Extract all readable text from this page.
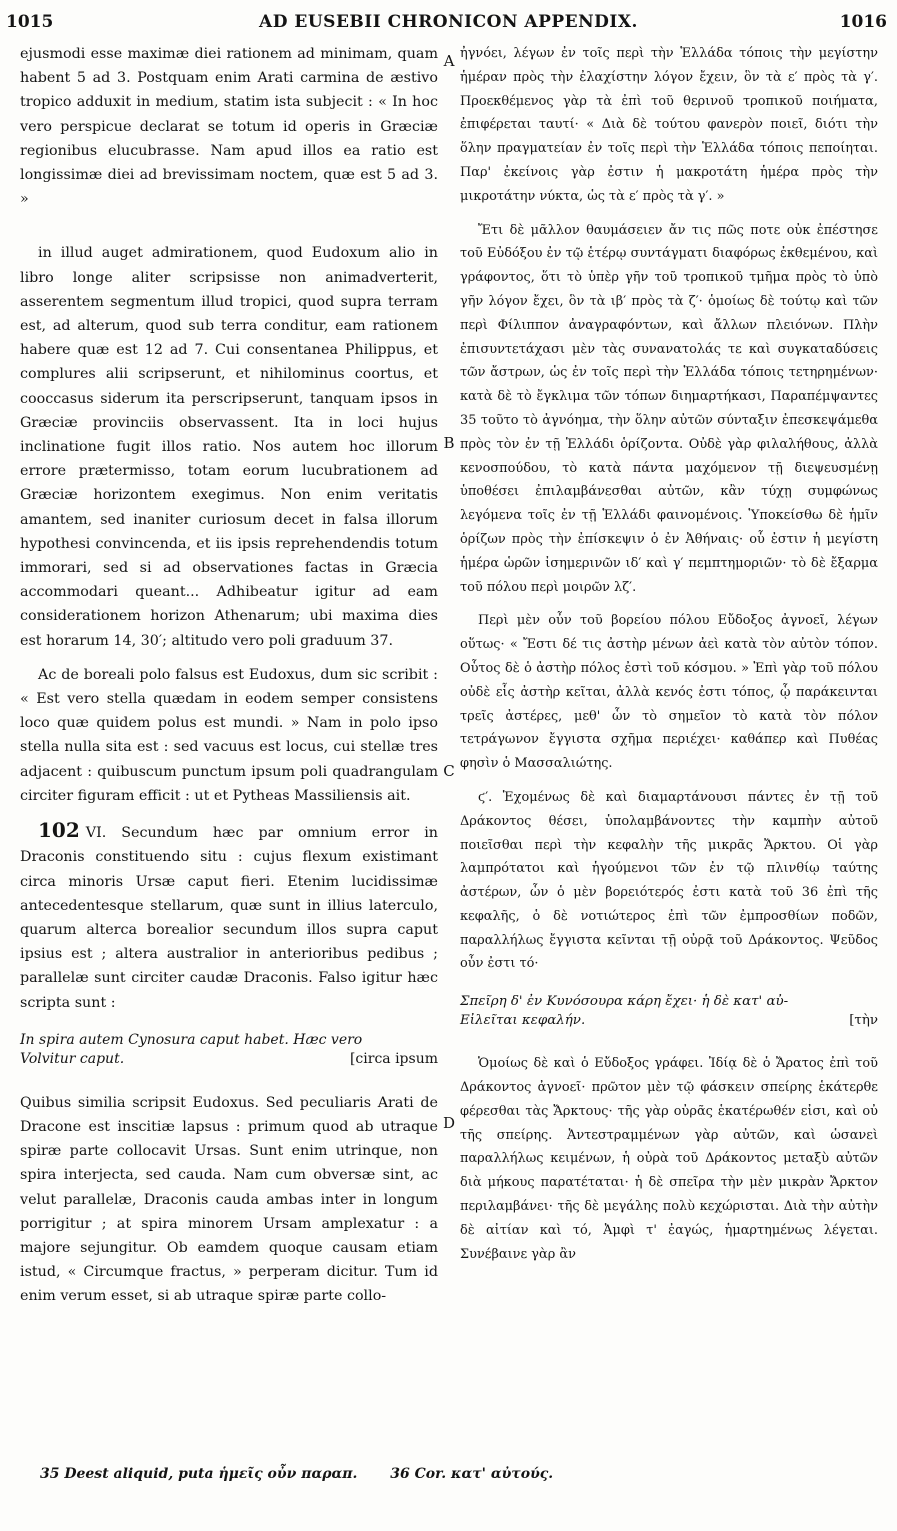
1015	AD EUSEBII CHRONICON APPENDIX.	1016
A
B
C
D

ejusmodi esse maximæ diei rationem ad minimam, quam habent 5 ad 3. Postquam enim Arati carmina de æstivo tropico adduxit in medium, statim ista subjecit : « In hoc vero perspicue declarat se totum id operis in Græciæ regionibus elucubrasse. Nam apud illos ea ratio est longissimæ diei ad brevissimam noctem, quæ est 5 ad 3. »

in illud auget admirationem, quod Eudoxum alio in libro longe aliter scripsisse non animadverterit, asserentem segmentum illud tropici, quod supra terram est, ad alterum, quod sub terra conditur, eam rationem habere quæ est 12 ad 7. Cui consentanea Philippus, et complures alii scripserunt, et nihilominus coortus, et cooccasus siderum ita perscripserunt, tanquam ipsos in Græciæ provinciis observassent. Ita in loci hujus inclinatione fugit illos ratio. Nos autem hoc illorum errore prætermisso, totam eorum lucubrationem ad Græciæ horizontem exegimus. Non enim veritatis amantem, sed inaniter curiosum decet in falsa illorum hypothesi convincenda, et iis ipsis reprehendendis totum immorari, sed si ad observationes factas in Græcia accommodari queant... Adhibeatur igitur ad eam considerationem horizon Athenarum; ubi maxima dies est horarum 14, 30′; altitudo vero poli graduum 37.

Ac de boreali polo falsus est Eudoxus, dum sic scribit : « Est vero stella quædam in eodem semper consistens loco quæ quidem polus est mundi. » Nam in polo ipso stella nulla sita est : sed vacuus est locus, cui stellæ tres adjacent : quibuscum punctum ipsum poli quadrangulam circiter figuram efficit : ut et Pytheas Massiliensis ait.

102 VI. Secundum hæc par omnium error in Draconis constituendo situ : cujus flexum existimant circa minoris Ursæ caput fieri. Etenim lucidissimæ antecedentesque stellarum, quæ sunt in illius laterculo, quarum alterca borealior secundum illos supra caput ipsius est ; altera australior in anterioribus pedibus ; parallelæ sunt circiter caudæ Draconis. Falso igitur hæc scripta sunt :

In spira autem Cynosura caput habet. Hæc vero
Volvitur caput.	[circa ipsum

Quibus similia scripsit Eudoxus. Sed peculiaris Arati de Dracone est inscitiæ lapsus : primum quod ab utraque spiræ parte collocavit Ursas. Sunt enim utrinque, non spira interjecta, sed cauda. Nam cum obversæ sint, ac velut parallelæ, Draconis cauda ambas inter in longum porrigitur ; at spira minorem Ursam amplexatur : a majore sejungitur. Ob eamdem quoque causam etiam istud, « Circumque fractus, » perperam dicitur. Tum id enim verum esset, si ab utraque spiræ parte collo-

ἠγνόει, λέγων ἐν τοῖς περὶ τὴν Ἑλλάδα τόποις τὴν μεγίστην ἡμέραν πρὸς τὴν ἐλαχίστην λόγον ἔχειν, ὃν τὰ ε′ πρὸς τὰ γ′. Προεκθέμενος γὰρ τὰ ἐπὶ τοῦ θερινοῦ τροπικοῦ ποιήματα, ἐπιφέρεται ταυτί· « Διὰ δὲ τούτου φανερὸν ποιεῖ, διότι τὴν ὅλην πραγματείαν ἐν τοῖς περὶ τὴν Ἑλλάδα τόποις πεποίηται. Παρ' ἐκείνοις γὰρ ἐστιν ἡ μακροτάτη ἡμέρα πρὸς τὴν μικροτάτην νύκτα, ὡς τὰ ε′ πρὸς τὰ γ′. »

Ἔτι δὲ μᾶλλον θαυμάσειεν ἄν τις πῶς ποτε οὐκ ἐπέστησε τοῦ Εὐδόξου ἐν τῷ ἑτέρῳ συντάγματι διαφόρως ἐκθεμένου, καὶ γράφοντος, ὅτι τὸ ὑπὲρ γῆν τοῦ τροπικοῦ τμῆμα πρὸς τὸ ὑπὸ γῆν λόγον ἔχει, ὃν τὰ ιβ′ πρὸς τὰ ζ′· ὁμοίως δὲ τούτῳ καὶ τῶν περὶ Φίλιππον ἀναγραφόντων, καὶ ἄλλων πλειόνων. Πλὴν ἐπισυντετάχασι μὲν τὰς συνανατολάς τε καὶ συγκαταδύσεις τῶν ἄστρων, ὡς ἐν τοῖς περὶ τὴν Ἑλλάδα τόποις τετηρημένων· κατὰ δὲ τὸ ἔγκλιμα τῶν τόπων διημαρτήκασι, Παραπέμψαντες 35 τοῦτο τὸ ἀγνόημα, τὴν ὅλην αὐτῶν σύνταξιν ἐπεσκεψάμεθα πρὸς τὸν ἐν τῇ Ἑλλάδι ὁρίζοντα. Οὐδὲ γὰρ φιλαλήθους, ἀλλὰ κενοσπούδου, τὸ κατὰ πάντα μαχόμενον τῇ διεψευσμένῃ ὑποθέσει ἐπιλαμβάνεσθαι αὐτῶν, κἂν τύχῃ συμφώνως λεγόμενα τοῖς ἐν τῇ Ἑλλάδι φαινομένοις. Ὑποκείσθω δὲ ἡμῖν ὁρίζων πρὸς τὴν ἐπίσκεψιν ὁ ἐν Ἀθήναις· οὗ ἐστιν ἡ μεγίστη ἡμέρα ὡρῶν ἰσημερινῶν ιδ′ καὶ γ′ πεμπτημοριῶν· τὸ δὲ ἔξαρμα τοῦ πόλου περὶ μοιρῶν λζ′.

Περὶ μὲν οὖν τοῦ βορείου πόλου Εὔδοξος ἀγνοεῖ, λέγων οὕτως· « Ἔστι δέ τις ἀστὴρ μένων ἀεὶ κατὰ τὸν αὐτὸν τόπον. Οὗτος δὲ ὁ ἀστὴρ πόλος ἐστὶ τοῦ κόσμου. » Ἐπὶ γὰρ τοῦ πόλου οὐδὲ εἷς ἀστὴρ κεῖται, ἀλλὰ κενός ἐστι τόπος, ᾧ παράκεινται τρεῖς ἀστέρες, μεθ' ὧν τὸ σημεῖον τὸ κατὰ τὸν πόλον τετράγωνον ἔγγιστα σχῆμα περιέχει· καθάπερ καὶ Πυθέας φησὶν ὁ Μασσαλιώτης.

ϛ′. Ἑχομένως δὲ καὶ διαμαρτάνουσι πάντες ἐν τῇ τοῦ Δράκοντος θέσει, ὑπολαμβάνοντες τὴν καμπὴν αὐτοῦ ποιεῖσθαι περὶ τὴν κεφαλὴν τῆς μικρᾶς Ἄρκτου. Οἱ γὰρ λαμπρότατοι καὶ ἡγούμενοι τῶν ἐν τῷ πλινθίῳ ταύτης ἀστέρων, ὧν ὁ μὲν βορειότερός ἐστι κατὰ τοῦ 36 ἐπὶ τῆς κεφαλῆς, ὁ δὲ νοτιώτερος ἐπὶ τῶν ἐμπροσθίων ποδῶν, παραλλήλως ἔγγιστα κεῖνται τῇ οὐρᾷ τοῦ Δράκοντος. Ψεῦδος οὖν ἐστι τό·

Σπεῖρη δ' ἐν Κυνόσουρα κάρη ἔχει· ἡ δὲ κατ' αὐ-
Εἰλεῖται κεφαλήν.	[τὴν

Ὁμοίως δὲ καὶ ὁ Εὔδοξος γράφει. Ἰδίᾳ δὲ ὁ Ἄρατος ἐπὶ τοῦ Δράκοντος ἀγνοεῖ· πρῶτον μὲν τῷ φάσκειν σπείρης ἑκάτερθε φέρεσθαι τὰς Ἄρκτους· τῆς γὰρ οὐρᾶς ἑκατέρωθέν εἰσι, καὶ οὐ τῆς σπείρης. Ἀντεστραμμένων γὰρ αὐτῶν, καὶ ὡσανεὶ παραλλήλως κειμένων, ἡ οὐρὰ τοῦ Δράκοντος μεταξὺ αὐτῶν διὰ μήκους παρατέταται· ἡ δὲ σπεῖρα τὴν μὲν μικρὰν Ἄρκτον περιλαμβάνει· τῆς δὲ μεγάλης πολὺ κεχώρισται. Διὰ τὴν αὐτὴν δὲ αἰτίαν καὶ τό, Ἀμφὶ τ' ἐαγώς, ἡμαρτημένως λέγεται. Συνέβαινε γὰρ ἂν

35 Deest aliquid, puta ἡμεῖς οὖν παραπ. 36 Cor. κατ' αὐτούς.
